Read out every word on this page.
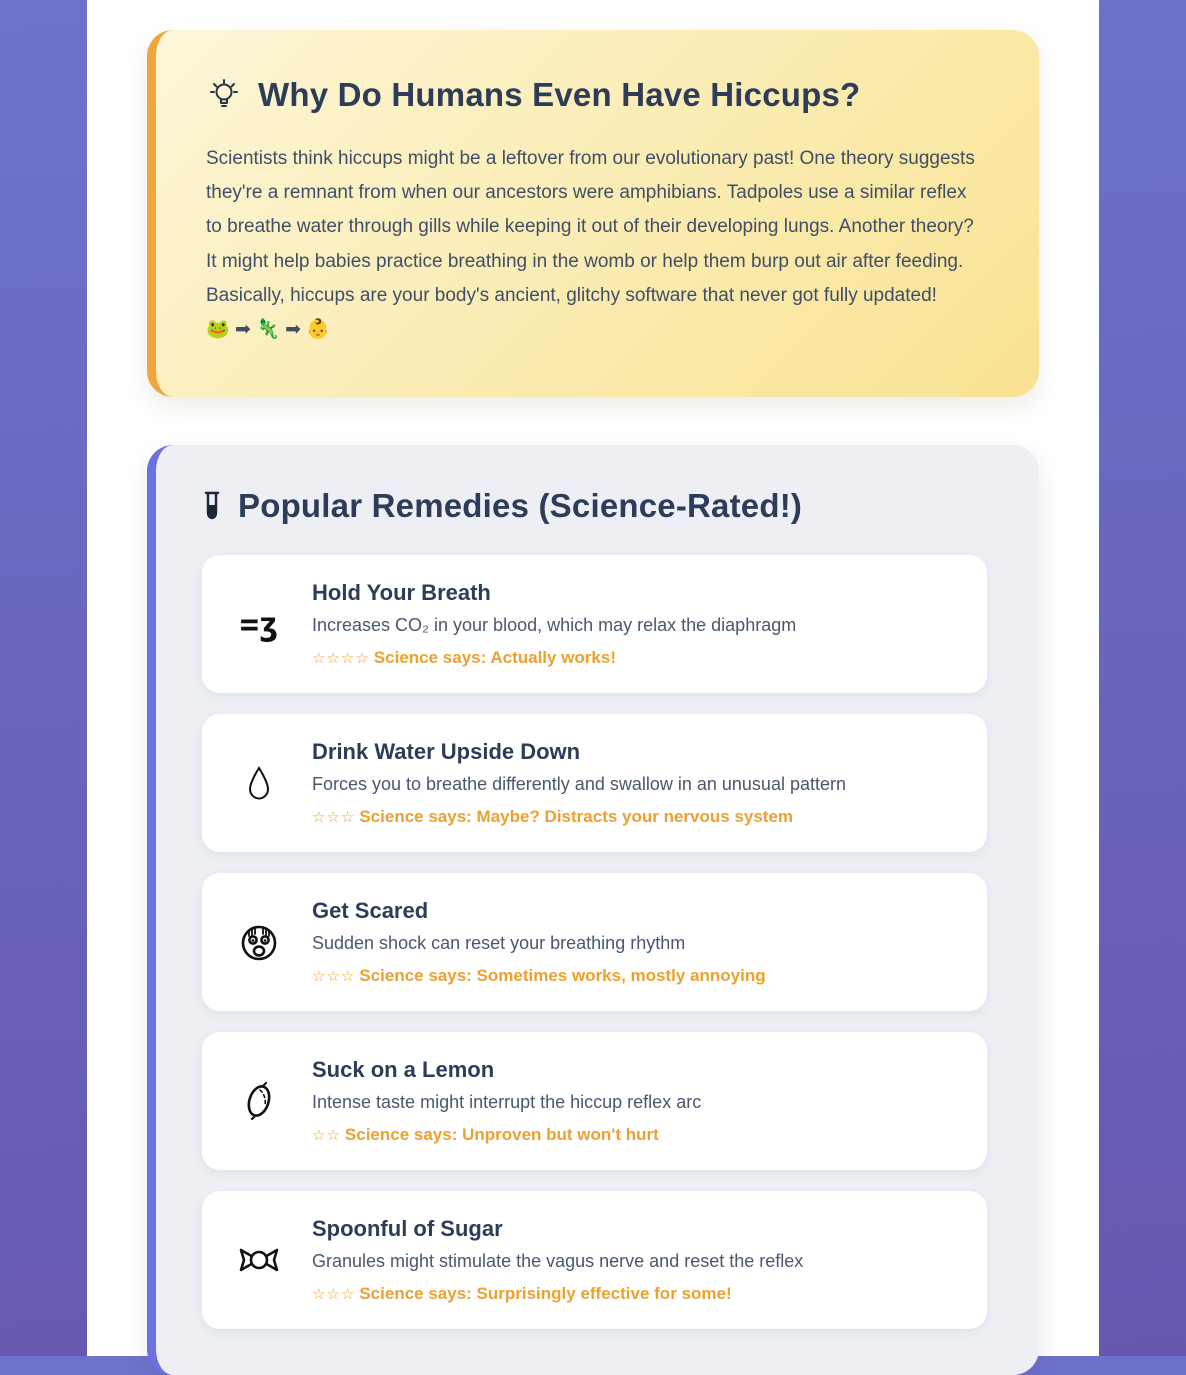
Why Do Humans Even Have Hiccups?

Scientists think hiccups might be a leftover from our evolutionary past! One theory suggests they're a remnant from when our ancestors were amphibians. Tadpoles use a similar reflex to breathe water through gills while keeping it out of their developing lungs. Another theory? It might help babies practice breathing in the womb or help them burp out air after feeding. Basically, hiccups are your body's ancient, glitchy software that never got fully updated! 🐸 ➡ 🦎 ➡ 👶

Popular Remedies (Science-Rated!)
=ʒ
Hold Your Breath
Increases CO₂ in your blood, which may relax the diaphragm
☆☆☆☆ Science says: Actually works!
Drink Water Upside Down
Forces you to breathe differently and swallow in an unusual pattern
☆☆☆ Science says: Maybe? Distracts your nervous system
Get Scared
Sudden shock can reset your breathing rhythm
☆☆☆ Science says: Sometimes works, mostly annoying
Suck on a Lemon
Intense taste might interrupt the hiccup reflex arc
☆☆ Science says: Unproven but won't hurt
Spoonful of Sugar
Granules might stimulate the vagus nerve and reset the reflex
☆☆☆ Science says: Surprisingly effective for some!
